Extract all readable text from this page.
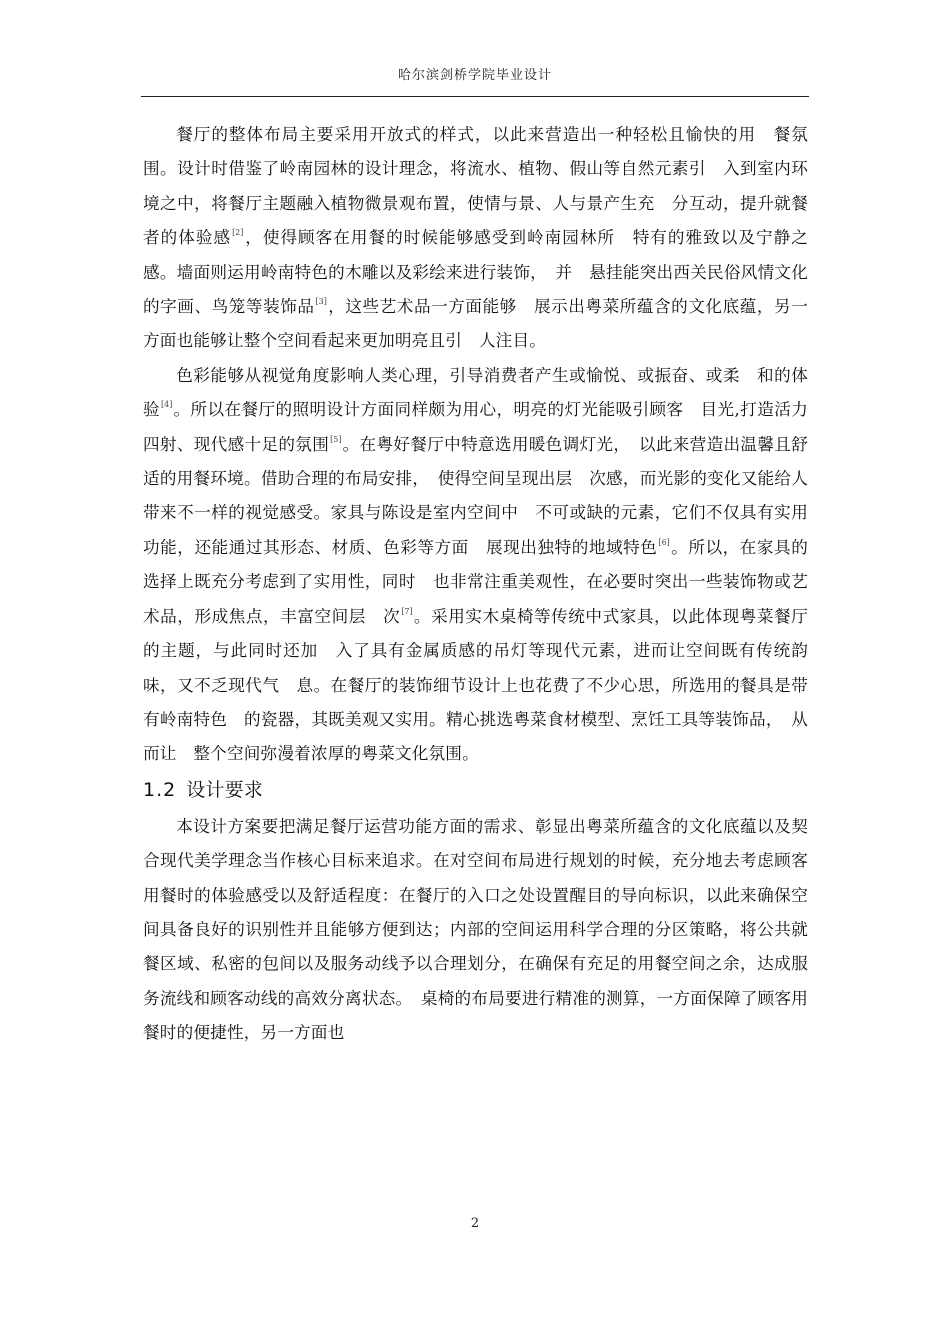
哈尔滨剑桥学院毕业设计

餐厅的整体布局主要采用开放式的样式，以此来营造出一种轻松且愉快的用　餐氛围。设计时借鉴了岭南园林的设计理念，将流水、植物、假山等自然元素引　入到室内环境之中，将餐厅主题融入植物微景观布置，使情与景、人与景产生充　分互动，提升就餐者的体验感[2]，使得顾客在用餐的时候能够感受到岭南园林所　特有的雅致以及宁静之感。墙面则运用岭南特色的木雕以及彩绘来进行装饰，　并　悬挂能突出西关民俗风情文化的字画、鸟笼等装饰品[3]，这些艺术品一方面能够　展示出粤菜所蕴含的文化底蕴，另一方面也能够让整个空间看起来更加明亮且引　人注目。

色彩能够从视觉角度影响人类心理，引导消费者产生或愉悦、或振奋、或柔　和的体验[4]。所以在餐厅的照明设计方面同样颇为用心，明亮的灯光能吸引顾客　目光,打造活力四射、现代感十足的氛围[5]。在粤好餐厅中特意选用暖色调灯光，　以此来营造出温馨且舒适的用餐环境。借助合理的布局安排，　使得空间呈现出层　次感，而光影的变化又能给人带来不一样的视觉感受。家具与陈设是室内空间中　不可或缺的元素，它们不仅具有实用功能，还能通过其形态、材质、色彩等方面　展现出独特的地域特色[6]。所以，在家具的选择上既充分考虑到了实用性，同时　也非常注重美观性，在必要时突出一些装饰物或艺术品，形成焦点，丰富空间层　次[7]。采用实木桌椅等传统中式家具，以此体现粤菜餐厅的主题，与此同时还加　入了具有金属质感的吊灯等现代元素，进而让空间既有传统韵味，又不乏现代气　息。在餐厅的装饰细节设计上也花费了不少心思，所选用的餐具是带有岭南特色　的瓷器，其既美观又实用。精心挑选粤菜食材模型、烹饪工具等装饰品，　从而让　整个空间弥漫着浓厚的粤菜文化氛围。

1.2 设计要求

本设计方案要把满足餐厅运营功能方面的需求、彰显出粤菜所蕴含的文化底蕴以及契合现代美学理念当作核心目标来追求。在对空间布局进行规划的时候，充分地去考虑顾客用餐时的体验感受以及舒适程度：在餐厅的入口之处设置醒目的导向标识，以此来确保空间具备良好的识别性并且能够方便到达；内部的空间运用科学合理的分区策略，将公共就餐区域、私密的包间以及服务动线予以合理划分，在确保有充足的用餐空间之余，达成服务流线和顾客动线的高效分离状态。　桌椅的布局要进行精准的测算，一方面保障了顾客用餐时的便捷性，另一方面也

2
